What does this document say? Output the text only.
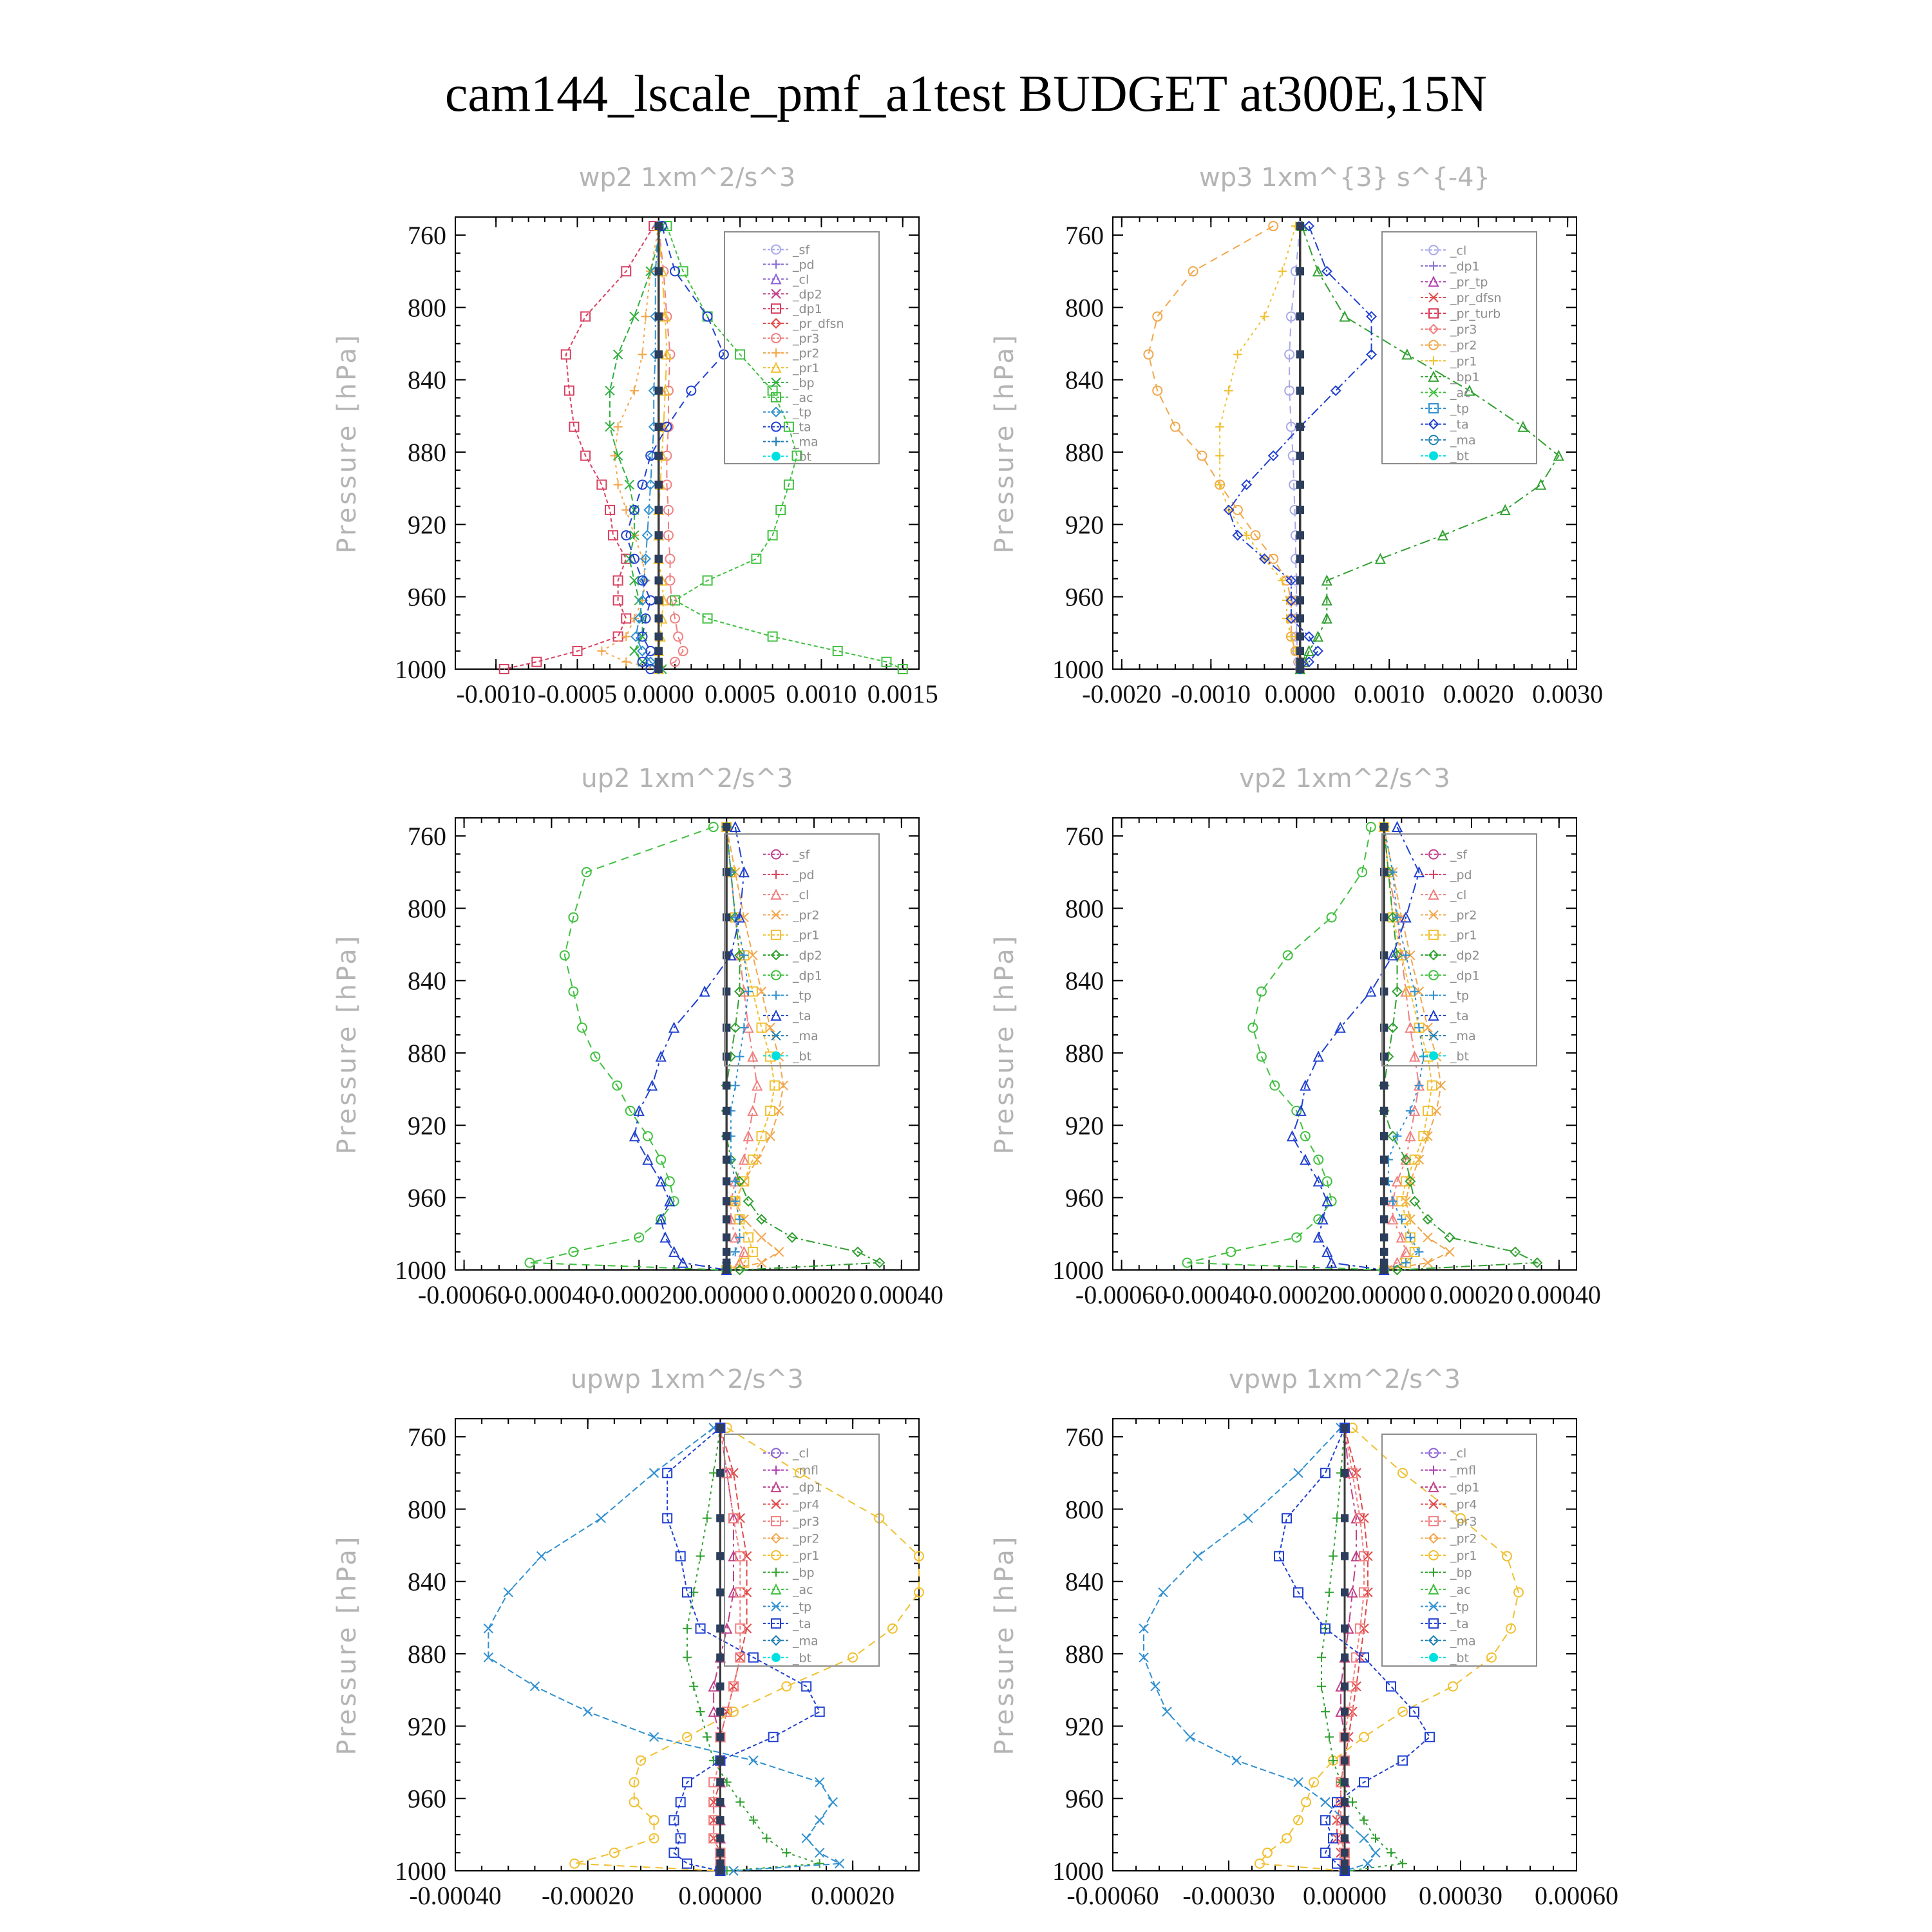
cam144_lscale_pmf_a1test BUDGET at300E,15N
wp2 1xm^2/s^3
Pressure [hPa]
760
800
840
880
920
960
1000
-0.0010 -0.0005 0.0000 0.0005 0.0010 0.0015
_sf
_pd
_cl
_dp2
_dp1
_pr_dfsn
_pr3
_pr2
_pr1
_bp
_ac
_tp
_ta
_ma
_bt
wp3 1xm^{3} s^{-4}
Pressure [hPa]
760
800
840
880
920
960
1000
-0.0020 -0.0010 0.0000 0.0010 0.0020 0.0030
_cl
_dp1
_pr_tp
_pr_dfsn
_pr_turb
_pr3
_pr2
_pr1
_bp1
_ac
_tp
_ta
_ma
_bt
up2 1xm^2/s^3
Pressure [hPa]
760
800
840
880
920
960
1000
-0.00060
-0.00040
-0.00020 0.00000 0.00020 0.00040
_sf
_pd
_cl
_pr2
_pr1
_dp2
_dp1
_tp
_ta
_ma
_bt
vp2 1xm^2/s^3
Pressure [hPa]
760
800
840
880
920
960
1000
-0.00060
-0.00040
-0.00020 0.00000 0.00020 0.00040
_sf
_pd
_cl
_pr2
_pr1
_dp2
_dp1
_tp
_ta
_ma
_bt
upwp 1xm^2/s^3
Pressure [hPa]
760
800
840
880
920
960
1000
-0.00040 -0.00020 0.00000 0.00020
_cl
_mfl
_dp1
_pr4
_pr3
_pr2
_pr1
_bp
_ac
_tp
_ta
_ma
_bt
vpwp 1xm^2/s^3
Pressure [hPa]
760
800
840
880
920
960
1000
-0.00060 -0.00030 0.00000 0.00030 0.00060
_cl
_mfl
_dp1
_pr4
_pr3
_pr2
_pr1
_bp
_ac
_tp
_ta
_ma
_bt
